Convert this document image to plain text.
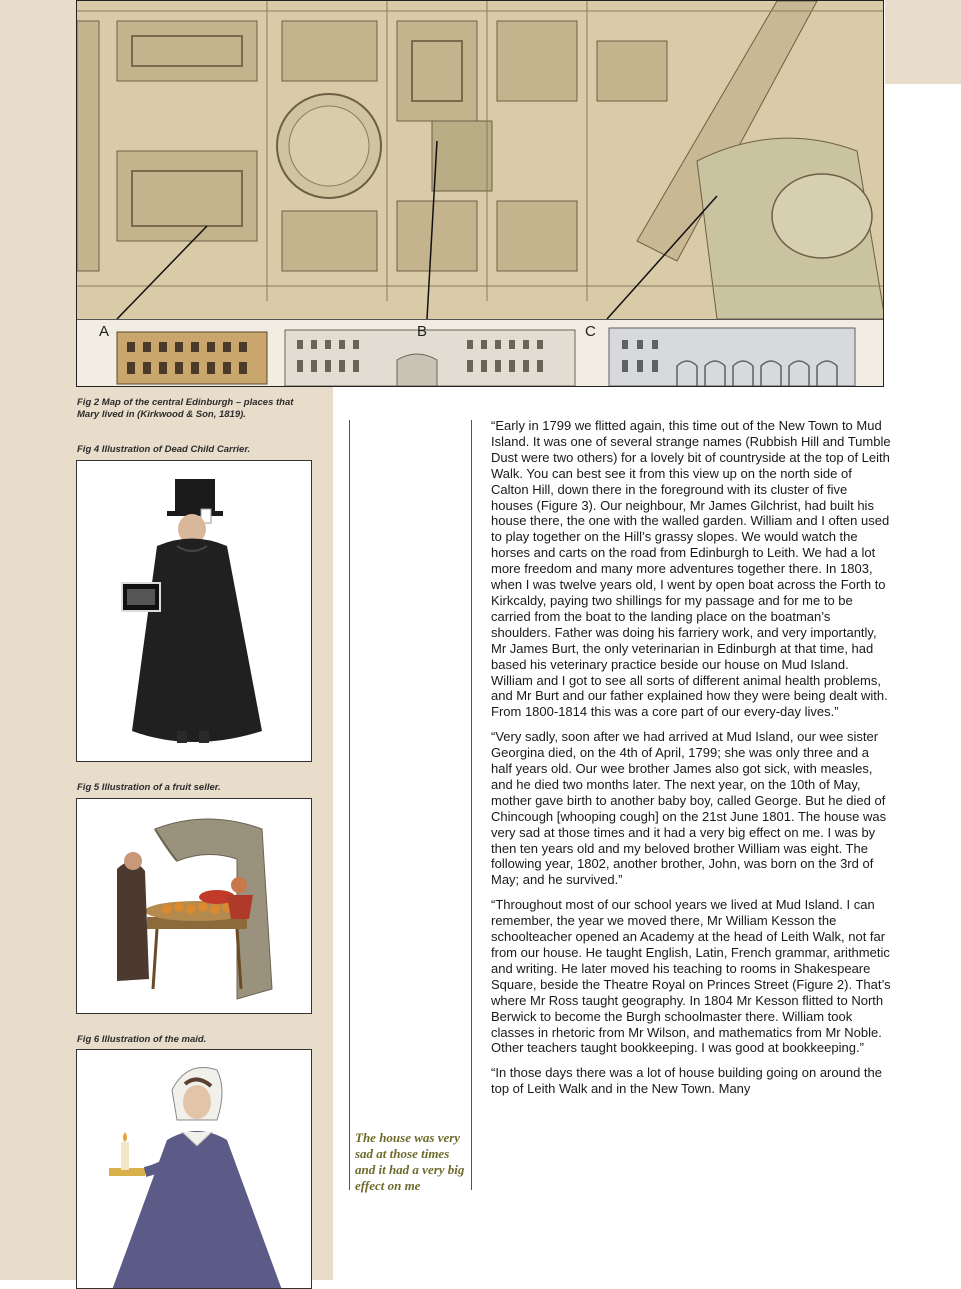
A	B	C
Fig 2 Map of the central Edinburgh – places that Mary lived in (Kirkwood & Son, 1819).
Fig 4 Illustration of Dead Child Carrier.
Fig 5 Illustration of a fruit seller.
Fig 6 Illustration of the maid.
The house was very sad at those times and it had a very big effect on me

“Early in 1799 we flitted again, this time out of the New Town to Mud Island. It was one of several strange names (Rubbish Hill and Tumble Dust were two others) for a lovely bit of countryside at the top of Leith Walk. You can best see it from this view up on the north side of Calton Hill, down there in the foreground with its cluster of five houses (Figure 3). Our neighbour, Mr James Gilchrist, had built his house there, the one with the walled garden. William and I often used to play together on the Hill’s grassy slopes. We would watch the horses and carts on the road from Edinburgh to Leith. We had a lot more freedom and many more adventures together there. In 1803, when I was twelve years old, I went by open boat across the Forth to Kirkcaldy, paying two shillings for my passage and for me to be carried from the boat to the landing place on the boatman’s shoulders. Father was doing his farriery work, and very importantly, Mr James Burt, the only veterinarian in Edinburgh at that time, had based his veterinary practice beside our house on Mud Island. William and I got to see all sorts of different animal health problems, and Mr Burt and our father explained how they were being dealt with. From 1800-1814 this was a core part of our every-day lives.”

“Very sadly, soon after we had arrived at Mud Island, our wee sister Georgina died, on the 4th of April, 1799; she was only three and a half years old. Our wee brother James also got sick, with measles, and he died two months later. The next year, on the 10th of May, mother gave birth to another baby boy, called George. But he died of Chincough [whooping cough] on the 21st June 1801. The house was very sad at those times and it had a very big effect on me. I was by then ten years old and my beloved brother William was eight. The following year, 1802, another brother, John, was born on the 3rd of May; and he survived.”

“Throughout most of our school years we lived at Mud Island. I can remember, the year we moved there, Mr William Kesson the schoolteacher opened an Academy at the head of Leith Walk, not far from our house. He taught English, Latin, French grammar, arithmetic and writing. He later moved his teaching to rooms in Shakespeare Square, beside the Theatre Royal on Princes Street (Figure 2). That’s where Mr Ross taught geography. In 1804 Mr Kesson flitted to North Berwick to become the Burgh schoolmaster there. William took classes in rhetoric from Mr Wilson, and mathematics from Mr Noble. Other teachers taught bookkeeping. I was good at bookkeeping.”

“In those days there was a lot of house building going on around the top of Leith Walk and in the New Town. Many
